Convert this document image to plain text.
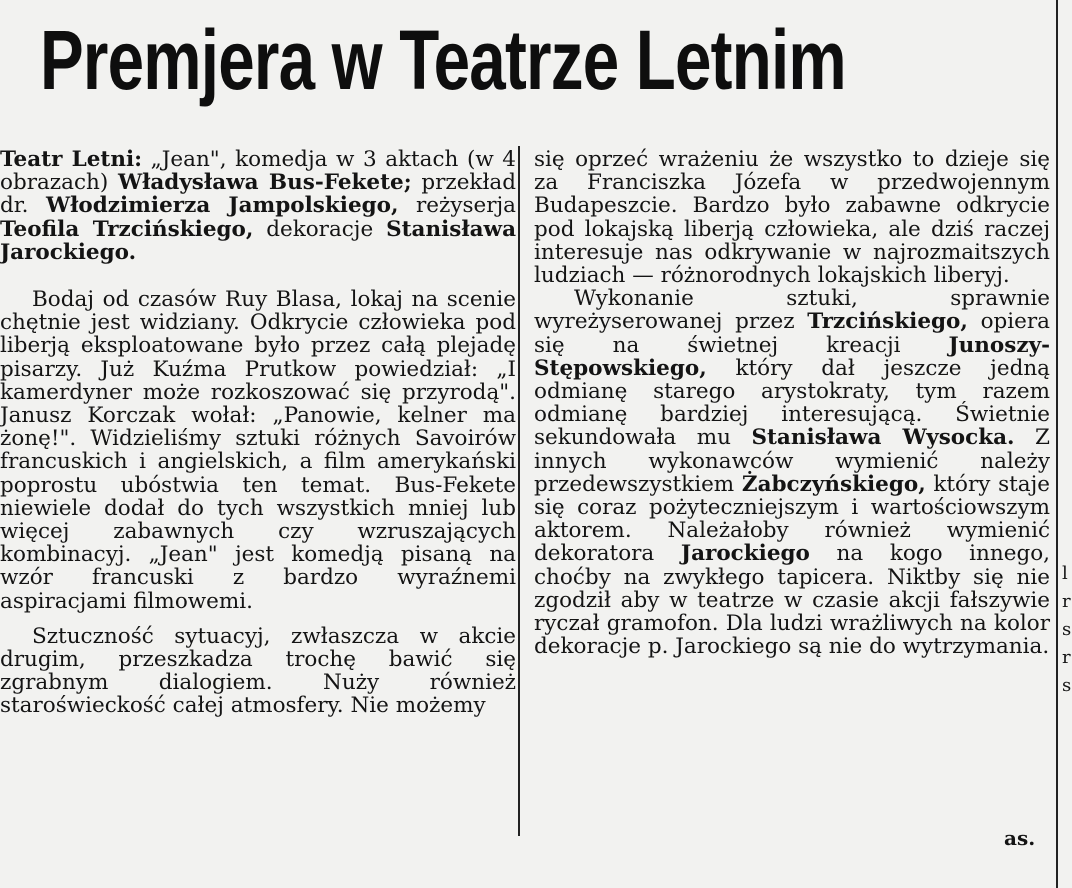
Premjera w Teatrze Letnim

Teatr Letni: „Jean", komedja w 3 aktach (w 4 obrazach) Władysława Bus-Fekete; przekład dr. Włodzimierza Jampolskiego, reżyserja Teofila Trzcińskiego, dekoracje Stanisława Jarockiego.

Bodaj od czasów Ruy Blasa, lokaj na scenie chętnie jest widziany. Odkrycie człowieka pod liberją eksploatowane było przez całą plejadę pisarzy. Już Kuźma Prutkow powiedział: „I kamerdyner może rozkoszować się przyrodą". Janusz Korczak wołał: „Panowie, kelner ma żonę!". Widzieliśmy sztuki różnych Savoirów francuskich i angielskich, a film amerykański poprostu ubóstwia ten temat. Bus-Fekete niewiele dodał do tych wszystkich mniej lub więcej zabawnych czy wzruszających kombinacyj. „Jean" jest komedją pisaną na wzór francuski z bardzo wyraźnemi aspiracjami filmowemi.

Sztuczność sytuacyj, zwłaszcza w akcie drugim, przeszkadza trochę bawić się zgrabnym dialogiem. Nuży również staroświeckość całej atmosfery. Nie możemy

się oprzeć wrażeniu że wszystko to dzieje się za Franciszka Józefa w przedwojennym Budapeszcie. Bardzo było zabawne odkrycie pod lokajską liberją człowieka, ale dziś raczej interesuje nas odkrywanie w najrozmaitszych ludziach — różnorodnych lokajskich liberyj.

Wykonanie sztuki, sprawnie wyreżyserowanej przez Trzcińskiego, opiera się na świetnej kreacji Junoszy-Stępowskiego, który dał jeszcze jedną odmianę starego arystokraty, tym razem odmianę bardziej interesującą. Świetnie sekundowała mu Stanisława Wysocka. Z innych wykonawców wymienić należy przedewszystkiem Żabczyńskiego, który staje się coraz pożyteczniejszym i wartościowszym aktorem. Należałoby również wymienić dekoratora Jarockiego na kogo innego, choćby na zwykłego tapicera. Niktby się nie zgodził aby w teatrze w czasie akcji fałszywie ryczał gramofon. Dla ludzi wrażliwych na kolor dekoracje p. Jarockiego są nie do wytrzymania.

as.
l r s r s
